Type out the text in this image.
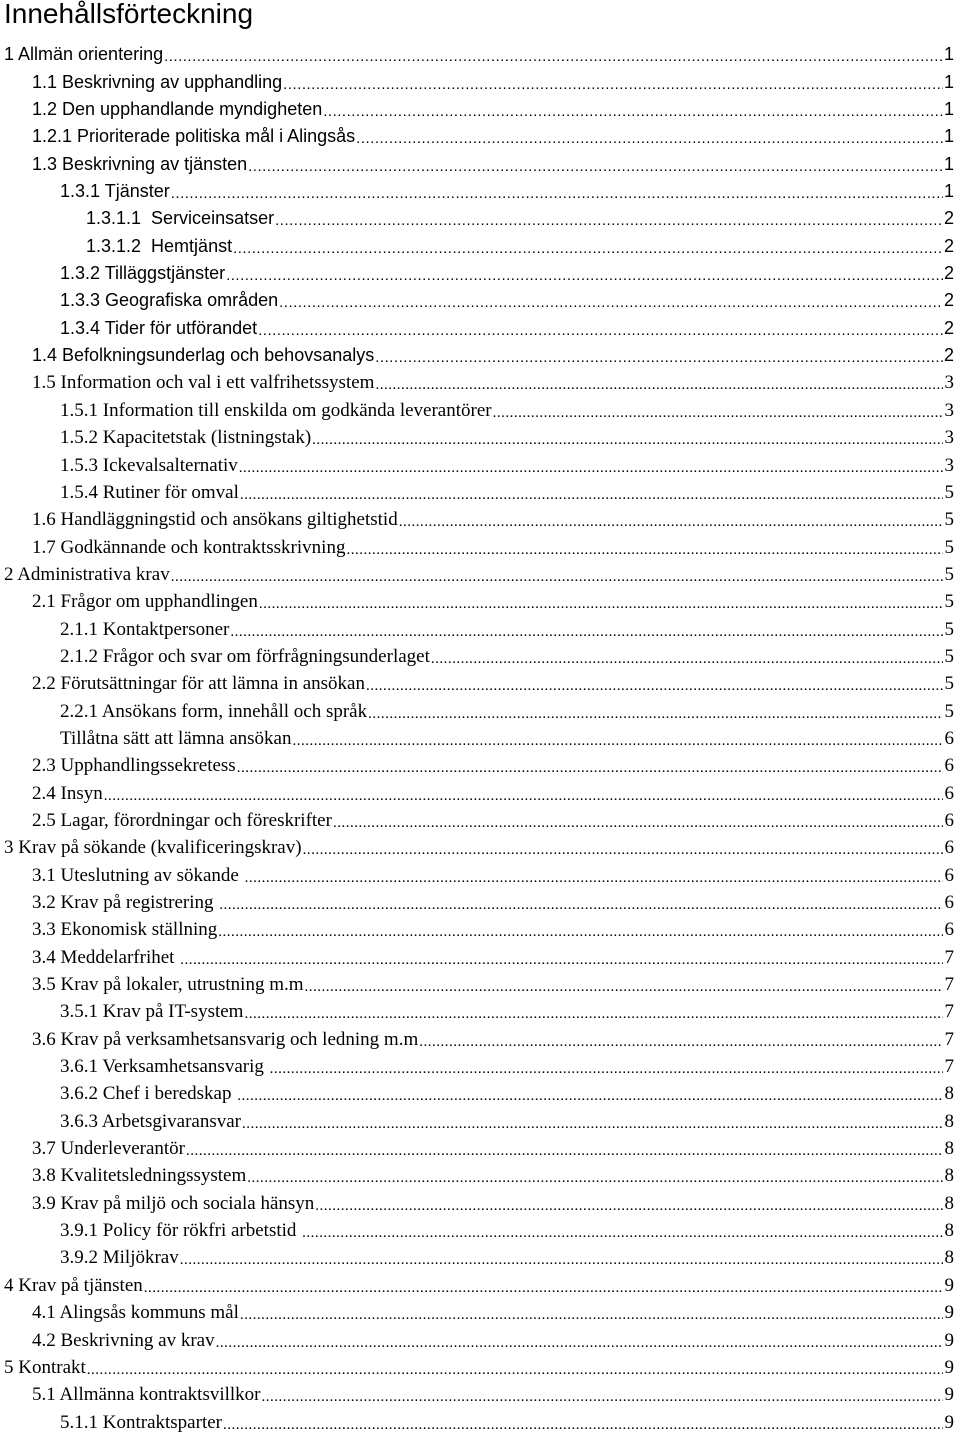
Innehållsförteckning
1 Allmän orientering .....	1
1.1 Beskrivning av upphandling .....	1
1.2 Den upphandlande myndigheten .....	1
1.2.1 Prioriterade politiska mål i Alingsås .....	1
1.3 Beskrivning av tjänsten .....	1
1.3.1 Tjänster .....	1
1.3.1.1  Serviceinsatser .....	2
1.3.1.2  Hemtjänst .....	2
1.3.2 Tilläggstjänster .....	2
1.3.3 Geografiska områden .....	2
1.3.4 Tider för utförandet .....	2
1.4 Befolkningsunderlag och behovsanalys .....	2
1.5 Information och val i ett valfrihetssystem .....	3
1.5.1 Information till enskilda om godkända leverantörer .....	3
1.5.2 Kapacitetstak (listningstak) .....	3
1.5.3 Ickevalsalternativ .....	3
1.5.4 Rutiner för omval .....	5
1.6 Handläggningstid och ansökans giltighetstid .....	5
1.7 Godkännande och kontraktsskrivning .....	5
2 Administrativa krav .....	5
2.1 Frågor om upphandlingen .....	5
2.1.1 Kontaktpersoner .....	5
2.1.2 Frågor och svar om förfrågningsunderlaget .....	5
2.2 Förutsättningar för att lämna in ansökan .....	5
2.2.1 Ansökans form, innehåll och språk .....	5
Tillåtna sätt att lämna ansökan .....	6
2.3 Upphandlingssekretess .....	6
2.4 Insyn .....	6
2.5 Lagar, förordningar och föreskrifter .....	6
3 Krav på sökande (kvalificeringskrav) .....	6
3.1 Uteslutning av sökande .....	6
3.2 Krav på registrering .....	6
3.3 Ekonomisk ställning .....	6
3.4 Meddelarfrihet .....	7
3.5 Krav på lokaler, utrustning m.m .....	7
3.5.1 Krav på IT-system .....	7
3.6 Krav på verksamhetsansvarig och ledning m.m .....	7
3.6.1 Verksamhetsansvarig .....	7
3.6.2 Chef i beredskap .....	8
3.6.3 Arbetsgivaransvar .....	8
3.7 Underleverantör .....	8
3.8 Kvalitetsledningssystem .....	8
3.9 Krav på miljö och sociala hänsyn .....	8
3.9.1 Policy för rökfri arbetstid .....	8
3.9.2 Miljökrav .....	8
4 Krav på tjänsten .....	9
4.1 Alingsås kommuns mål .....	9
4.2 Beskrivning av krav .....	9
5 Kontrakt .....	9
5.1 Allmänna kontraktsvillkor .....	9
5.1.1 Kontraktsparter .....	9
